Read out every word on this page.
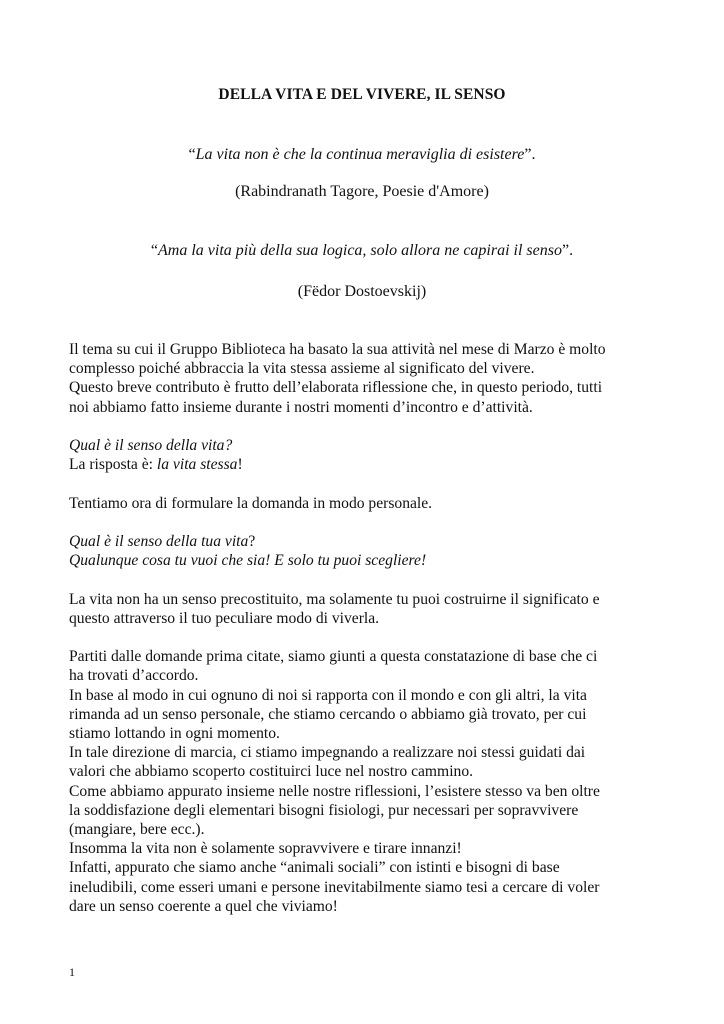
DELLA VITA E DEL VIVERE, IL SENSO
“La vita non è che la continua meraviglia di esistere”.
(Rabindranath Tagore, Poesie d'Amore)
“Ama la vita più della sua logica, solo allora ne capirai il senso”.
(Fëdor Dostoevskij)
Il tema su cui il Gruppo Biblioteca ha basato la sua attività nel mese di Marzo è molto
complesso poiché abbraccia la vita stessa assieme al significato del vivere.
Questo breve contributo è frutto dell’elaborata riflessione che, in questo periodo, tutti
noi abbiamo fatto insieme durante i nostri momenti d’incontro e d’attività.
Qual è il senso della vita?
La risposta è: la vita stessa!
Tentiamo ora di formulare la domanda in modo personale.
Qual è il senso della tua vita?
Qualunque cosa tu vuoi che sia! E solo tu puoi scegliere!
La vita non ha un senso precostituito, ma solamente tu puoi costruirne il significato e
questo attraverso il tuo peculiare modo di viverla.
Partiti dalle domande prima citate, siamo giunti a questa constatazione di base che ci
ha trovati d’accordo.
In base al modo in cui ognuno di noi si rapporta con il mondo e con gli altri, la vita
rimanda ad un senso personale, che stiamo cercando o abbiamo già trovato, per cui
stiamo lottando in ogni momento.
In tale direzione di marcia, ci stiamo impegnando a realizzare noi stessi guidati dai
valori che abbiamo scoperto costituirci luce nel nostro cammino.
Come abbiamo appurato insieme nelle nostre riflessioni, l’esistere stesso va ben oltre
la soddisfazione degli elementari bisogni fisiologi, pur necessari per sopravvivere
(mangiare, bere ecc.).
Insomma la vita non è solamente sopravvivere e tirare innanzi!
Infatti, appurato che siamo anche “animali sociali” con istinti e bisogni di base
ineludibili, come esseri umani e persone inevitabilmente siamo tesi a cercare di voler
dare un senso coerente a quel che viviamo!
1
